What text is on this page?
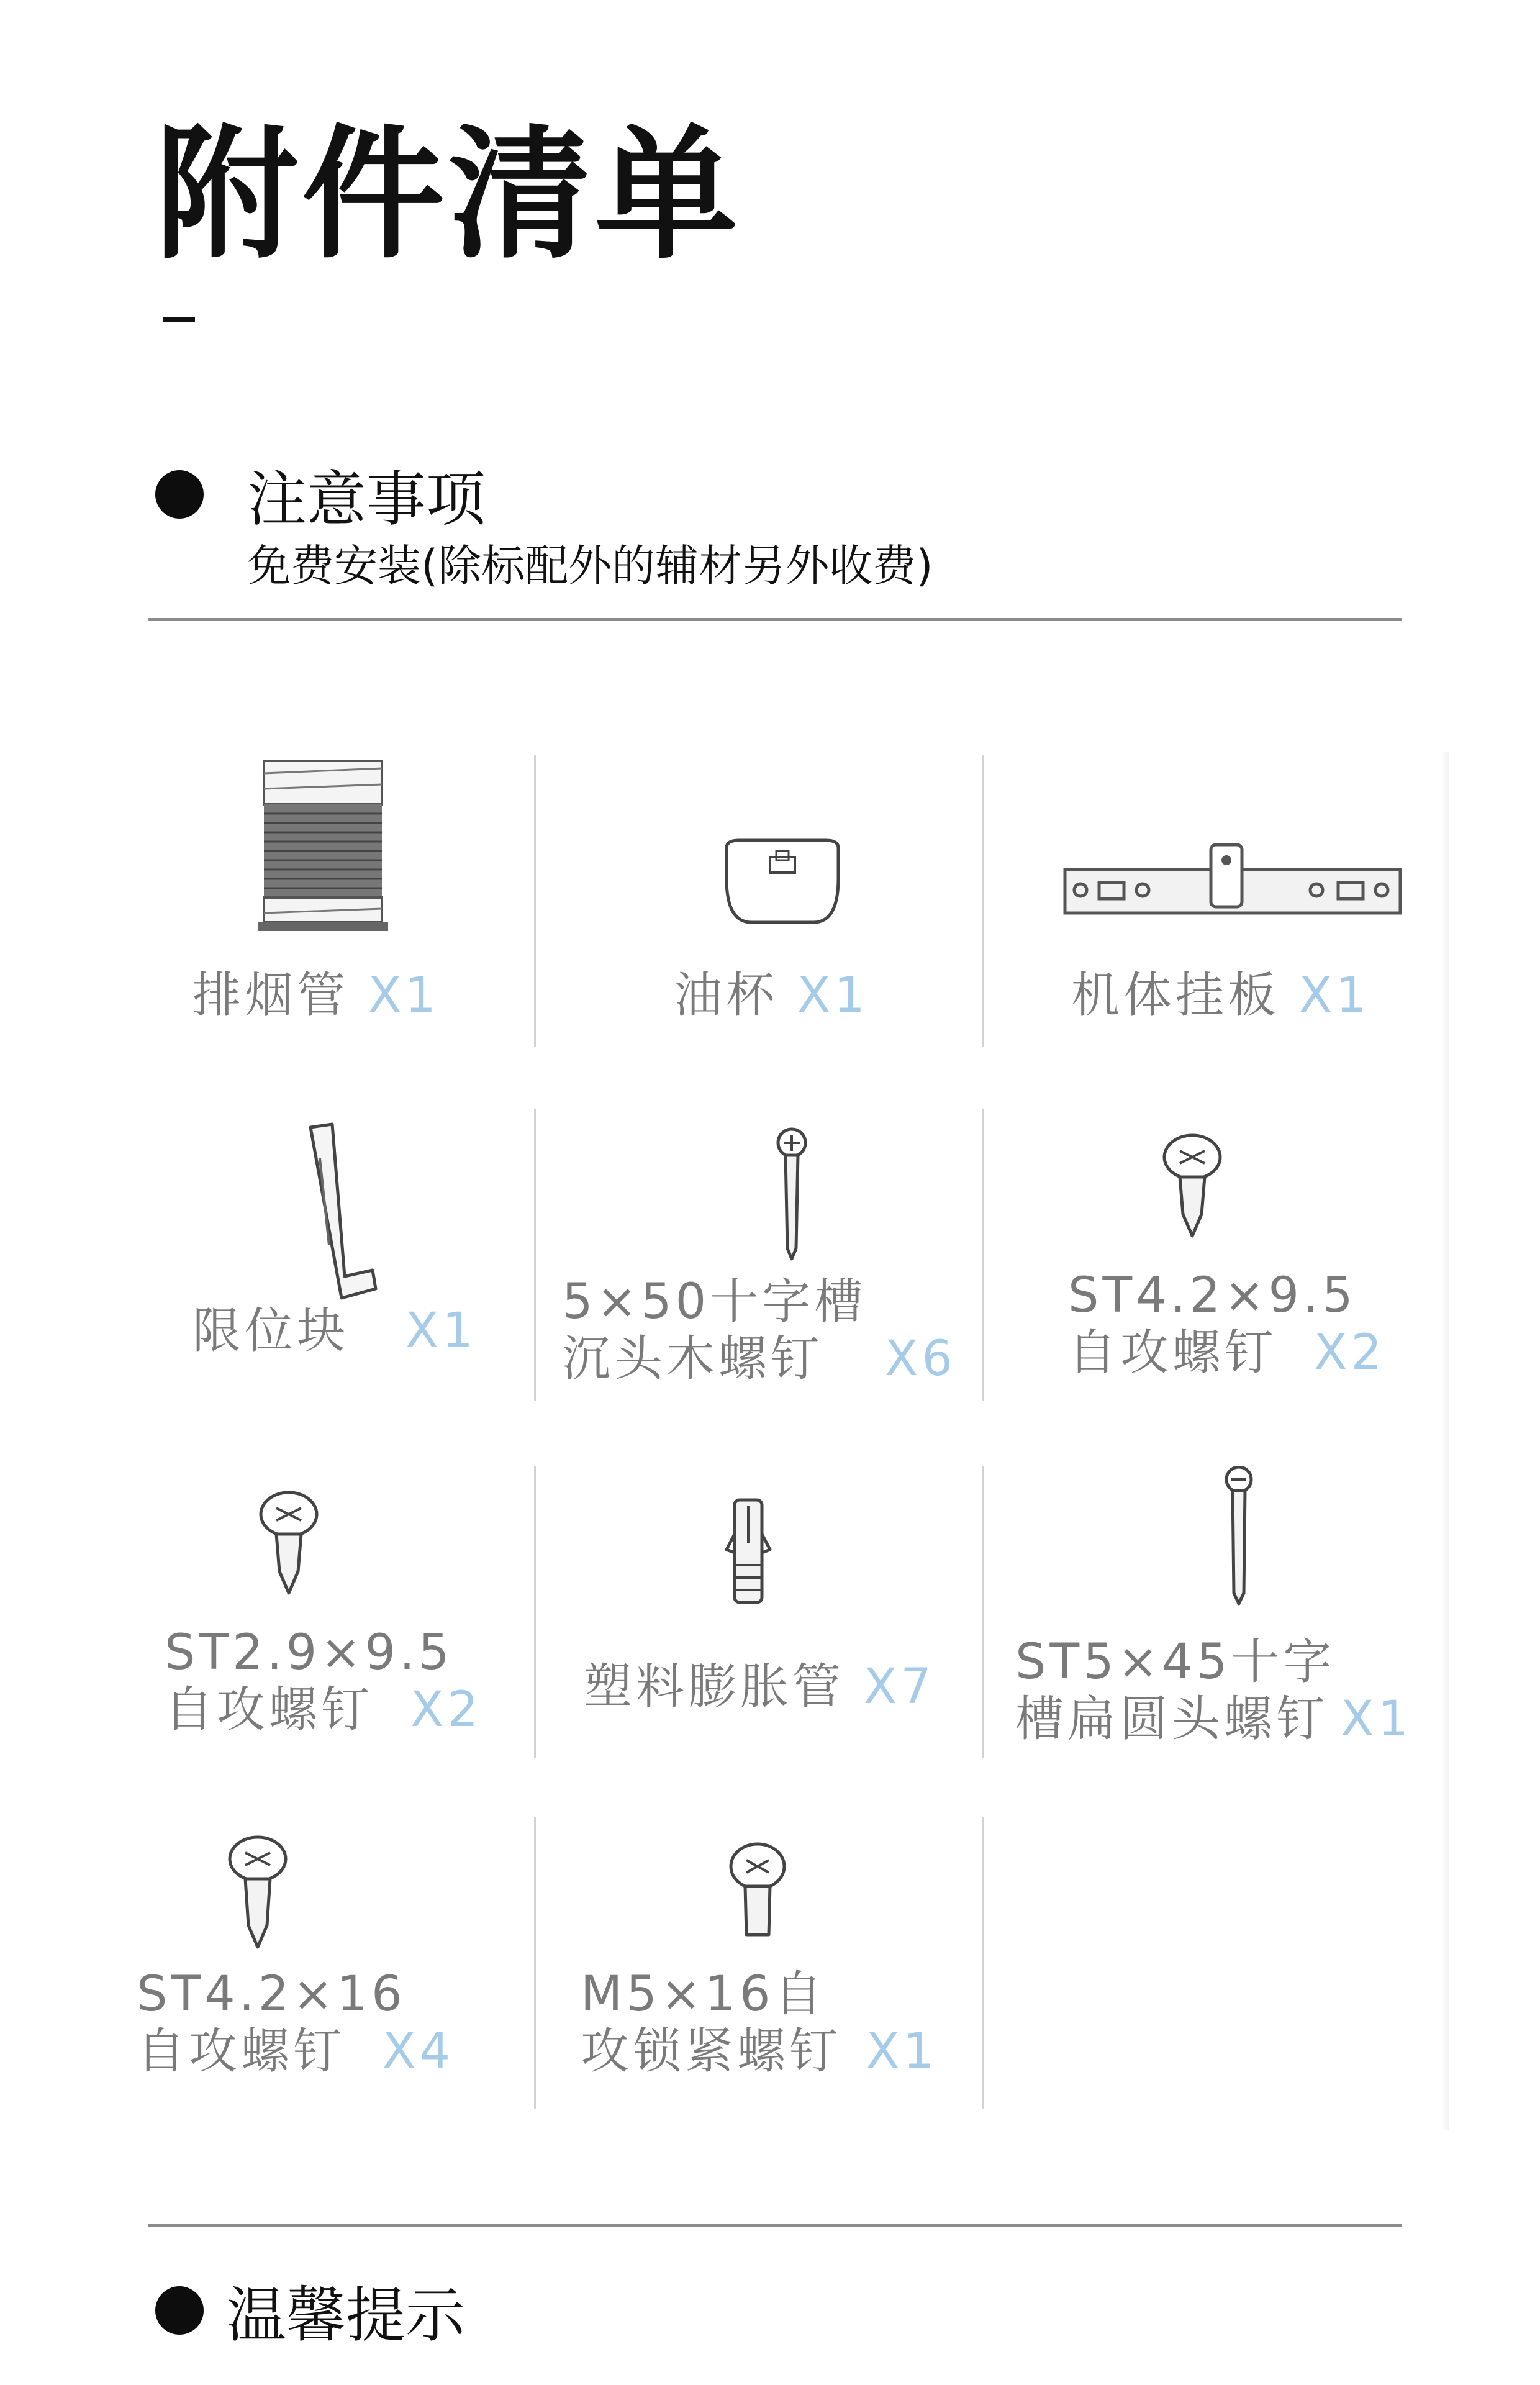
附件清单
注意事项
免费安装(除标配外的辅材另外收费)
排烟管 X1	油杯 X1	机体挂板 X1
限位块 X1
5×50十字槽
沉头木螺钉 X6
ST4.2×9.5
自攻螺钉 X2
ST2.9×9.5
自攻螺钉 X2 塑料膨胀管 X7 ST5×45十字
槽扁圆头螺钉 X1
ST4.2×16
自攻螺钉 X4
M5×16自
攻锁紧螺钉 X1
温馨提示
